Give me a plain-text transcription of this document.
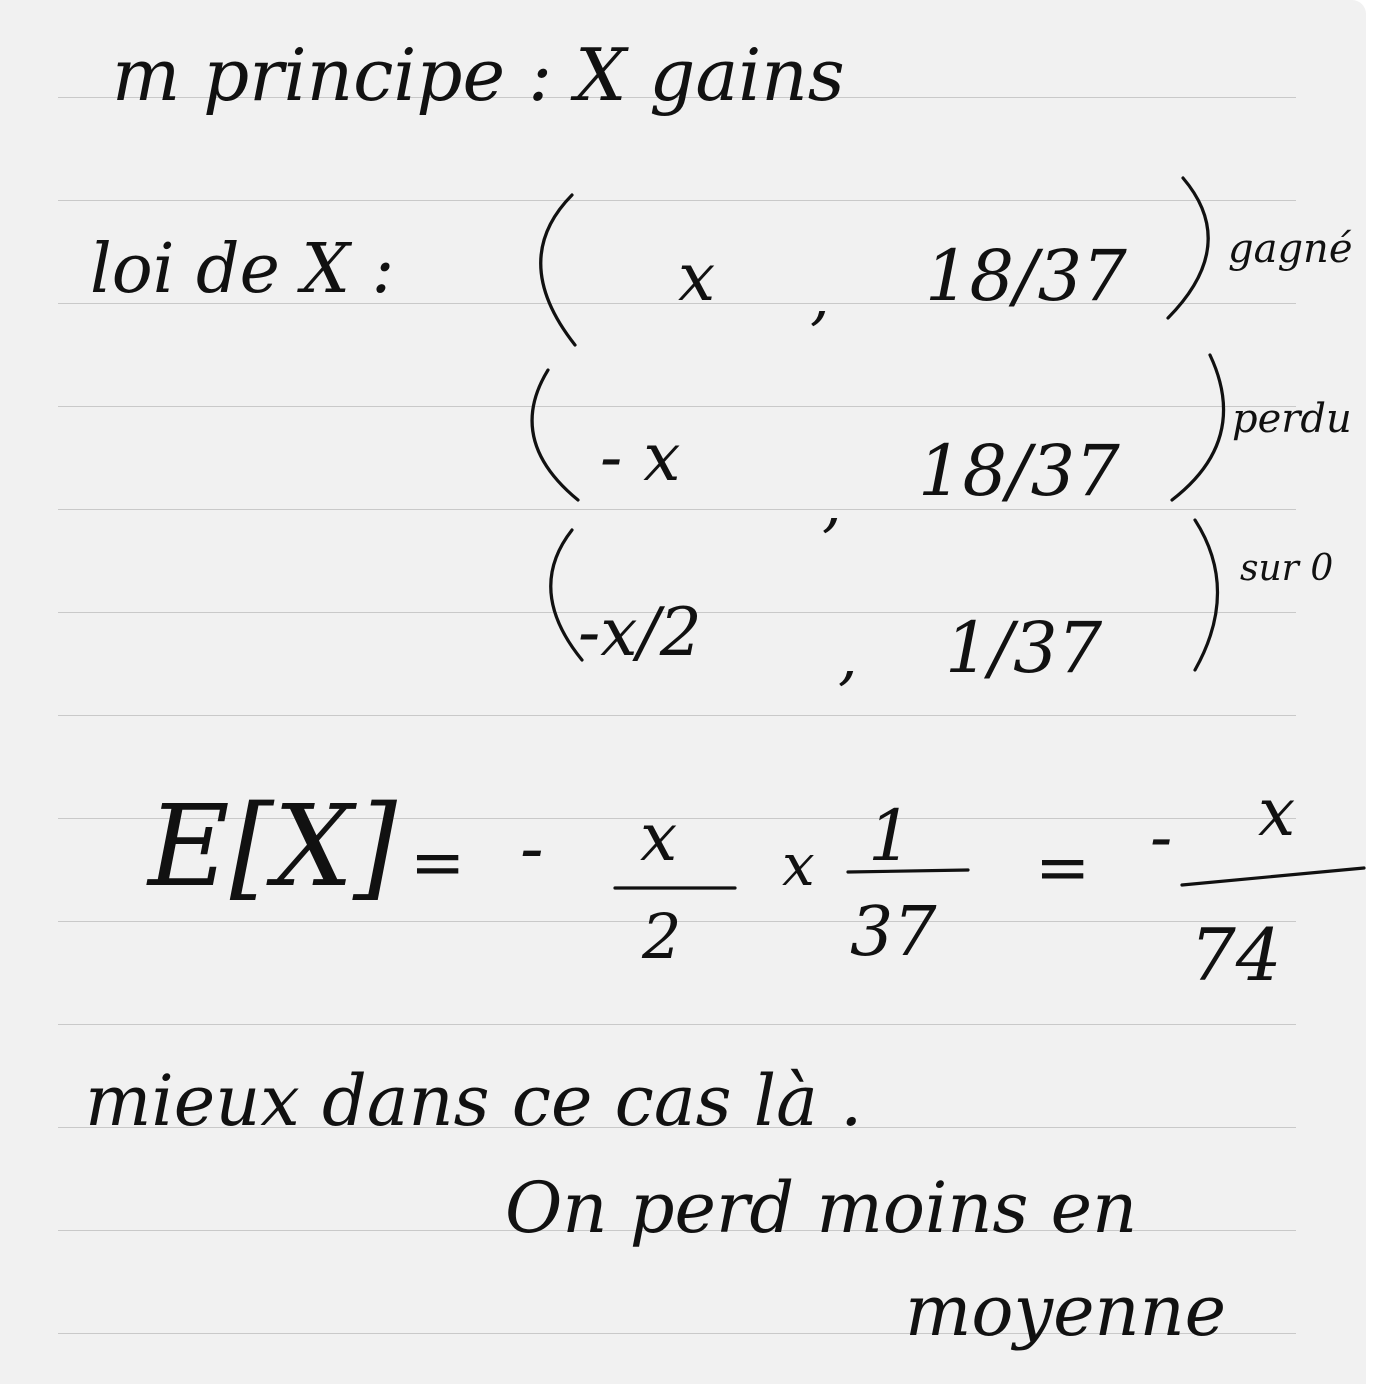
m principe : X gains
loi de X :	x , 18/37	gagné
- x
, 18/37
perdu
-x/2 , 1/37
sur 0
E[X] = - x
2
x 1
37
= - x
74
mieux dans ce cas là .
On perd moins en
moyenne
